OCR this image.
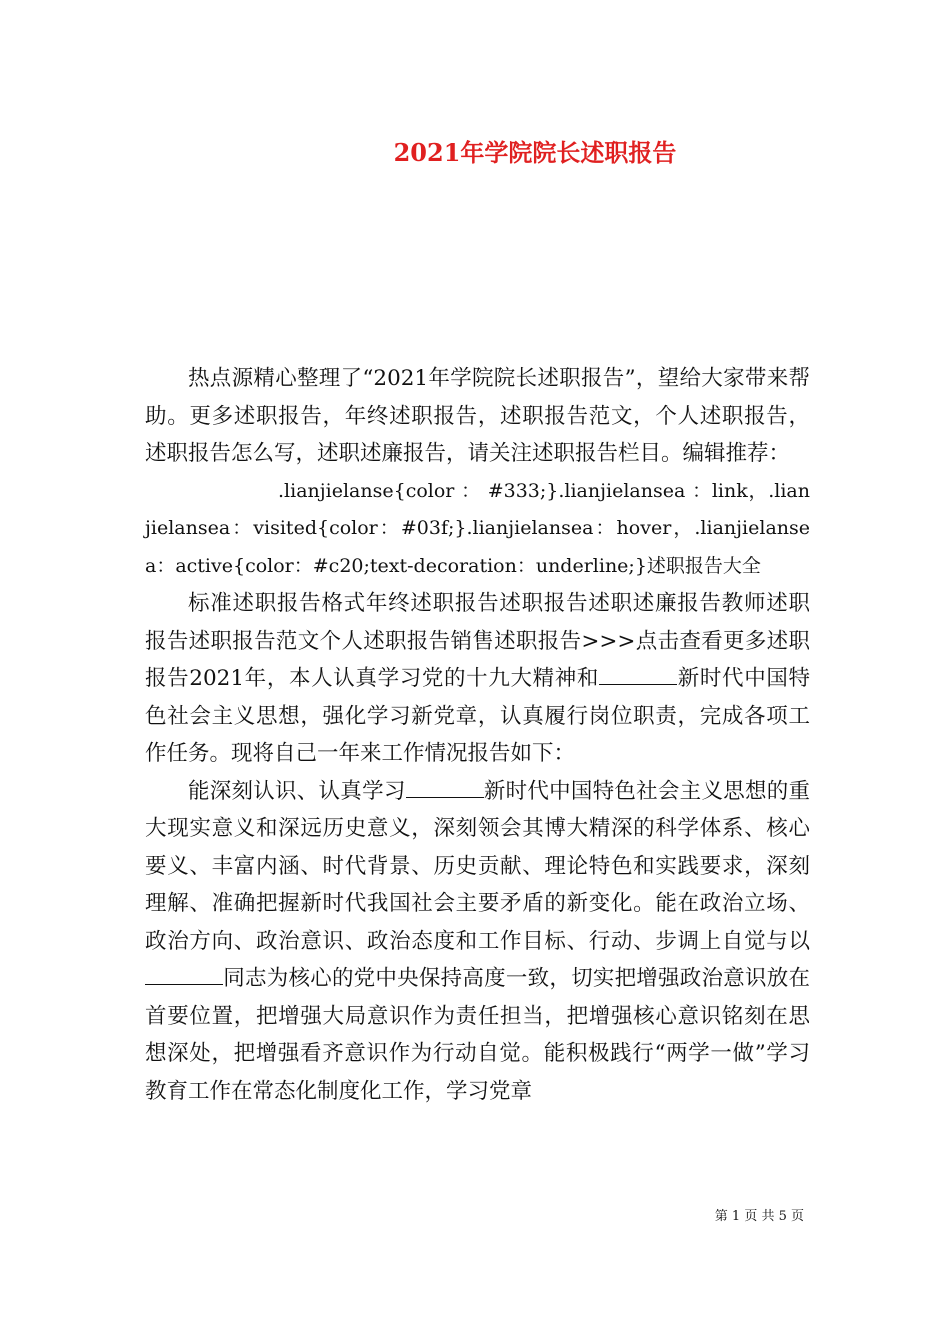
2021年学院院长述职报告

热点源精心整理了“2021年学院院长述职报告”，望给大家带来帮助。更多述职报告，年终述职报告，述职报告范文，个人述职报告，述职报告怎么写，述职述廉报告，请关注述职报告栏目。编辑推荐：

.lianjielanse{color ： #333;}.lianjielansea ：link，.lianjielansea：visited{color：#03f;}.lianjielansea：hover，.lianjielansea：active{color：#c20;text-decoration：underline;}述职报告大全

标准述职报告格式年终述职报告述职报告述职述廉报告教师述职报告述职报告范文个人述职报告销售述职报告>>>点击查看更多述职报告2021年，本人认真学习党的十九大精神和	新时代中国特色社会主义思想，强化学习新党章，认真履行岗位职责，完成各项工作任务。现将自己一年来工作情况报告如下：

能深刻认识、认真学习	新时代中国特色社会主义思想的重大现实意义和深远历史意义，深刻领会其博大精深的科学体系、核心要义、丰富内涵、时代背景、历史贡献、理论特色和实践要求，深刻理解、准确把握新时代我国社会主要矛盾的新变化。能在政治立场、政治方向、政治意识、政治态度和工作目标、行动、步调上自觉与以同志为核心的党中央保持高度一致，切实把增强政治意识放在首要位置，把增强大局意识作为责任担当，把增强核心意识铭刻在思想深处，把增强看齐意识作为行动自觉。能积极践行“两学一做”学习教育工作在常态化制度化工作，学习党章

第 1 页 共 5 页
